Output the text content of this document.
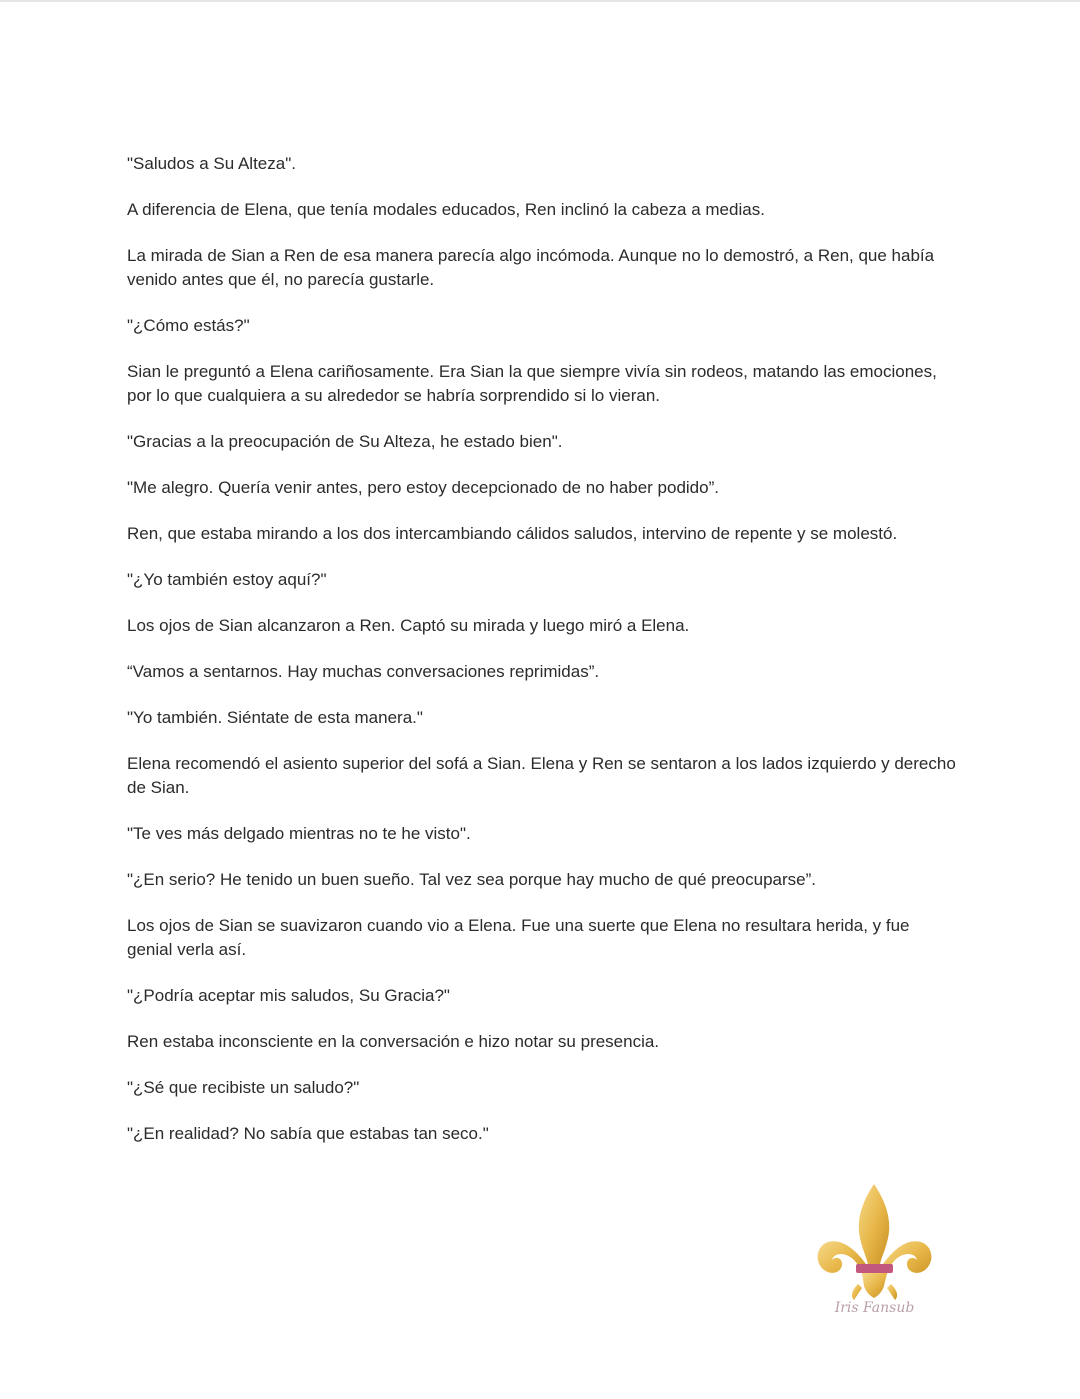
"Saludos a Su Alteza".

A diferencia de Elena, que tenía modales educados, Ren inclinó la cabeza a medias.

La mirada de Sian a Ren de esa manera parecía algo incómoda. Aunque no lo demostró, a Ren, que había venido antes que él, no parecía gustarle.

"¿Cómo estás?"

Sian le preguntó a Elena cariñosamente. Era Sian la que siempre vivía sin rodeos, matando las emociones, por lo que cualquiera a su alrededor se habría sorprendido si lo vieran.

"Gracias a la preocupación de Su Alteza, he estado bien".

"Me alegro. Quería venir antes, pero estoy decepcionado de no haber podido”.

Ren, que estaba mirando a los dos intercambiando cálidos saludos, intervino de repente y se molestó.

"¿Yo también estoy aquí?"

Los ojos de Sian alcanzaron a Ren. Captó su mirada y luego miró a Elena.

“Vamos a sentarnos. Hay muchas conversaciones reprimidas”.

"Yo también. Siéntate de esta manera."

Elena recomendó el asiento superior del sofá a Sian. Elena y Ren se sentaron a los lados izquierdo y derecho de Sian.

"Te ves más delgado mientras no te he visto".

"¿En serio? He tenido un buen sueño. Tal vez sea porque hay mucho de qué preocuparse”.

Los ojos de Sian se suavizaron cuando vio a Elena. Fue una suerte que Elena no resultara herida, y fue genial verla así.

"¿Podría aceptar mis saludos, Su Gracia?"

Ren estaba inconsciente en la conversación e hizo notar su presencia.

"¿Sé que recibiste un saludo?"

"¿En realidad? No sabía que estabas tan seco."

Iris Fansub
